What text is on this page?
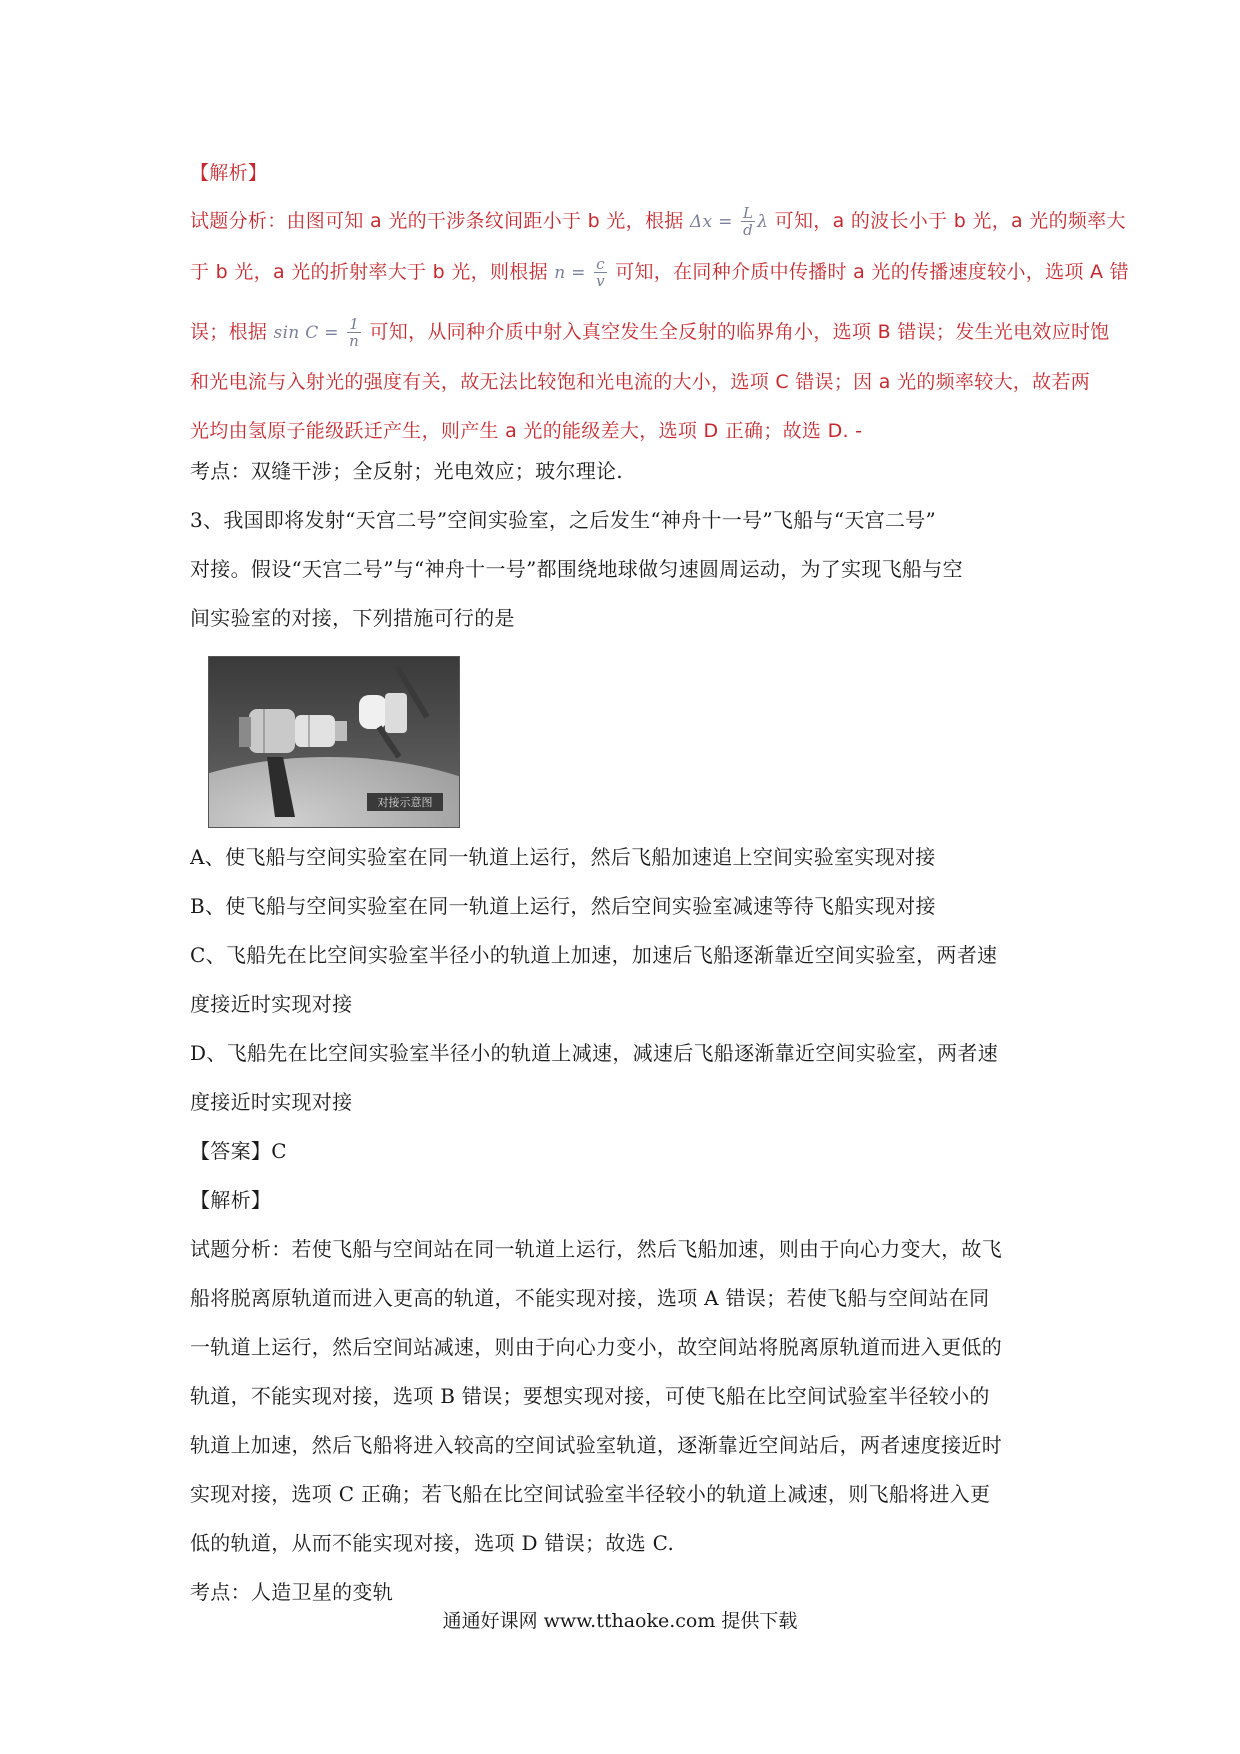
【解析】
试题分析：由图可知 a 光的干涉条纹间距小于 b 光，根据 $\Delta x = \frac{L}{d}$ λ 可知，a 的波长小于 b 光，a 光的频率大
于 b 光，a 光的折射率大于 b 光，则根据 $n = \frac{c}{v}$ 可知，在同种介质中传播时 a 光的传播速度较小，选项 A 错
误；根据 $\sin C = \frac{1}{n}$ 可知，从同种介质中射入真空发生全反射的临界角小，选项 B 错误；发生光电效应时饱
和光电流与入射光的强度有关，故无法比较饱和光电流的大小，选项 C 错误；因 a 光的频率较大，故若两
光均由氢原子能级跃迁产生，则产生 a 光的能级差大，选项 D 正确；故选 D. -
考点：双缝干涉；全反射；光电效应；玻尔理论.
3、我国即将发射“天宫二号”空间实验室，之后发生“神舟十一号”飞船与“天宫二号”
对接。假设“天宫二号”与“神舟十一号”都围绕地球做匀速圆周运动，为了实现飞船与空
间实验室的对接，下列措施可行的是
对接示意图
A、使飞船与空间实验室在同一轨道上运行，然后飞船加速追上空间实验室实现对接
B、使飞船与空间实验室在同一轨道上运行，然后空间实验室减速等待飞船实现对接
C、飞船先在比空间实验室半径小的轨道上加速，加速后飞船逐渐靠近空间实验室，两者速
度接近时实现对接
D、飞船先在比空间实验室半径小的轨道上减速，减速后飞船逐渐靠近空间实验室，两者速
度接近时实现对接
【答案】C
【解析】
试题分析：若使飞船与空间站在同一轨道上运行，然后飞船加速，则由于向心力变大，故飞
船将脱离原轨道而进入更高的轨道，不能实现对接，选项 A 错误；若使飞船与空间站在同
一轨道上运行，然后空间站减速，则由于向心力变小，故空间站将脱离原轨道而进入更低的
轨道，不能实现对接，选项 B 错误；要想实现对接，可使飞船在比空间试验室半径较小的
轨道上加速，然后飞船将进入较高的空间试验室轨道，逐渐靠近空间站后，两者速度接近时
实现对接，选项 C 正确；若飞船在比空间试验室半径较小的轨道上减速，则飞船将进入更
低的轨道，从而不能实现对接，选项 D 错误；故选 C.
考点：人造卫星的变轨
通通好课网 www.tthaoke.com 提供下载
